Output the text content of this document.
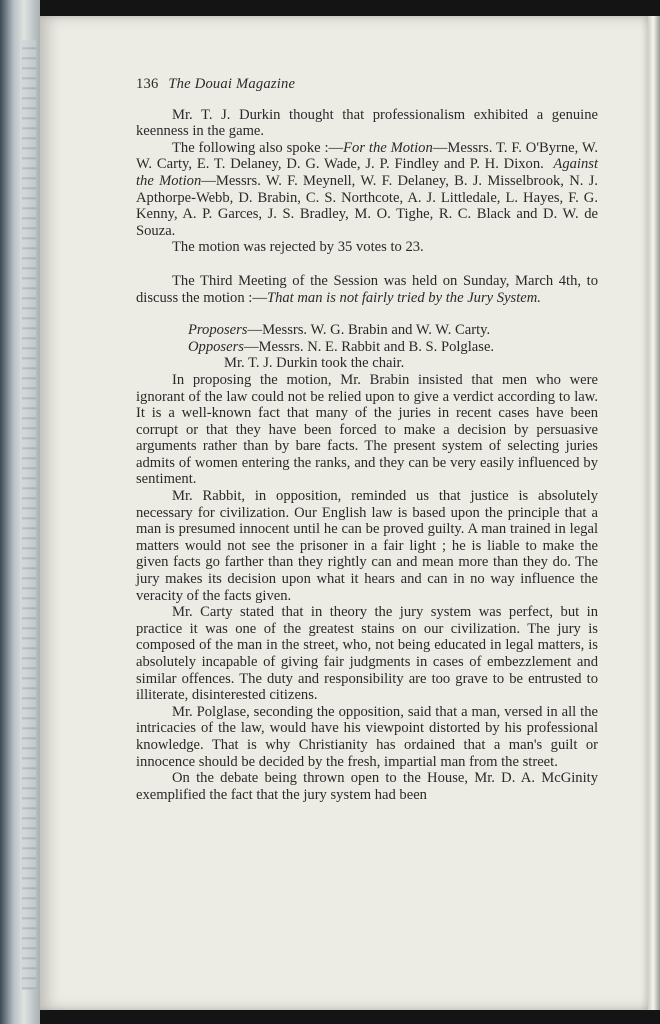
136 The Douai Magazine

Mr. T. J. Durkin thought that professionalism exhibited a genuine keenness in the game.

The following also spoke :—For the Motion—Messrs. T. F. O'Byrne, W. W. Carty, E. T. Delaney, D. G. Wade, J. P. Findley and P. H. Dixon. Against the Motion—Messrs. W. F. Meynell, W. F. Delaney, B. J. Misselbrook, N. J. Apthorpe-Webb, D. Brabin, C. S. Northcote, A. J. Littledale, L. Hayes, F. G. Kenny, A. P. Garces, J. S. Bradley, M. O. Tighe, R. C. Black and D. W. de Souza.

The motion was rejected by 35 votes to 23.

The Third Meeting of the Session was held on Sunday, March 4th, to discuss the motion :—That man is not fairly tried by the Jury System.

Proposers—Messrs. W. G. Brabin and W. W. Carty.

Opposers—Messrs. N. E. Rabbit and B. S. Polglase.

Mr. T. J. Durkin took the chair.

In proposing the motion, Mr. Brabin insisted that men who were ignorant of the law could not be relied upon to give a verdict according to law. It is a well-known fact that many of the juries in recent cases have been corrupt or that they have been forced to make a decision by persuasive arguments rather than by bare facts. The present system of selecting juries admits of women entering the ranks, and they can be very easily influenced by sentiment.

Mr. Rabbit, in opposition, reminded us that justice is absolutely necessary for civilization. Our English law is based upon the principle that a man is presumed innocent until he can be proved guilty. A man trained in legal matters would not see the prisoner in a fair light ; he is liable to make the given facts go farther than they rightly can and mean more than they do. The jury makes its decision upon what it hears and can in no way influence the veracity of the facts given.

Mr. Carty stated that in theory the jury system was perfect, but in practice it was one of the greatest stains on our civilization. The jury is composed of the man in the street, who, not being educated in legal matters, is absolutely incapable of giving fair judgments in cases of embezzlement and similar offences. The duty and responsibility are too grave to be entrusted to illiterate, disinterested citizens.

Mr. Polglase, seconding the opposition, said that a man, versed in all the intricacies of the law, would have his viewpoint distorted by his professional knowledge. That is why Christianity has ordained that a man's guilt or innocence should be decided by the fresh, impartial man from the street.

On the debate being thrown open to the House, Mr. D. A. McGinity exemplified the fact that the jury system had been
